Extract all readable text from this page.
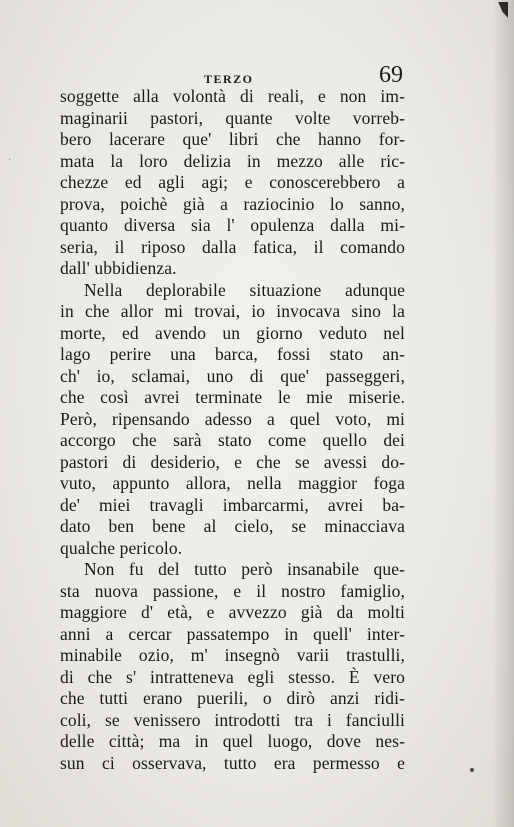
·
TERZO	69
soggette alla volontà di reali, e non im-
maginarii pastori, quante volte vorreb-
bero lacerare que' libri che hanno for-
mata la loro delizia in mezzo alle ric-
chezze ed agli agi; e conoscerebbero a
prova, poichè già a raziocinio lo sanno,
quanto diversa sia l' opulenza dalla mi-
seria, il riposo dalla fatica, il comando
dall' ubbidienza.
Nella deplorabile situazione adunque
in che allor mi trovai, io invocava sino la
morte, ed avendo un giorno veduto nel
lago perire una barca, fossi stato an-
ch' io, sclamai, uno di que' passeggeri,
che così avrei terminate le mie miserie.
Però, ripensando adesso a quel voto, mi
accorgo che sarà stato come quello dei
pastori di desiderio, e che se avessi do-
vuto, appunto allora, nella maggior foga
de' miei travagli imbarcarmi, avrei ba-
dato ben bene al cielo, se minacciava
qualche pericolo.
Non fu del tutto però insanabile que-
sta nuova passione, e il nostro famiglio,
maggiore d' età, e avvezzo già da molti
anni a cercar passatempo in quell' inter-
minabile ozio, m' insegnò varii trastulli,
di che s' intratteneva egli stesso. È vero
che tutti erano puerili, o dirò anzi ridi-
coli, se venissero introdotti tra i fanciulli
delle città; ma in quel luogo, dove nes-
sun ci osservava, tutto era permesso e
